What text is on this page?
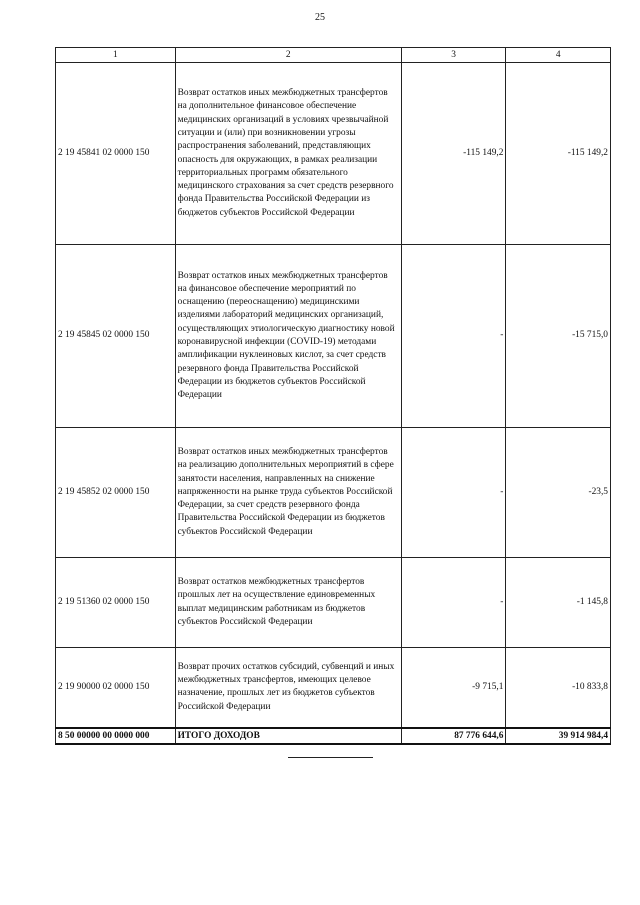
25
1	2	3	4
2 19 45841 02 0000 150	Возврат остатков иных межбюджетных трансфертов на дополнительное финансовое обеспечение медицинских организаций в условиях чрезвычайной ситуации и (или) при возникновении угрозы распространения заболеваний, представляющих опасность для окружающих, в рамках реализации территориальных программ обязательного медицинского страхования за счет средств резервного фонда Правительства Российской Федерации из бюджетов субъектов Российской Федерации	-115 149,2	-115 149,2
2 19 45845 02 0000 150	Возврат остатков иных межбюджетных трансфертов на финансовое обеспечение мероприятий по оснащению (переоснащению) медицинскими изделиями лабораторий медицинских организаций, осуществляющих этиологическую диагностику новой коронавирусной инфекции (COVID-19) методами амплификации нуклеиновых кислот, за счет средств резервного фонда Правительства Российской Федерации из бюджетов субъектов Российской Федерации	-	-15 715,0
2 19 45852 02 0000 150	Возврат остатков иных межбюджетных трансфертов на реализацию дополнительных мероприятий в сфере занятости населения, направленных на снижение напряженности на рынке труда субъектов Российской Федерации, за счет средств резервного фонда Правительства Российской Федерации из бюджетов субъектов Российской Федерации	-	-23,5
2 19 51360 02 0000 150	Возврат остатков межбюджетных трансфертов прошлых лет на осуществление единовременных выплат медицинским работникам из бюджетов субъектов Российской Федерации	-	-1 145,8
2 19 90000 02 0000 150	Возврат прочих остатков субсидий, субвенций и иных межбюджетных трансфертов, имеющих целевое назначение, прошлых лет из бюджетов субъектов Российской Федерации	-9 715,1	-10 833,8
8 50 00000 00 0000 000	ИТОГО ДОХОДОВ	87 776 644,6	39 914 984,4
